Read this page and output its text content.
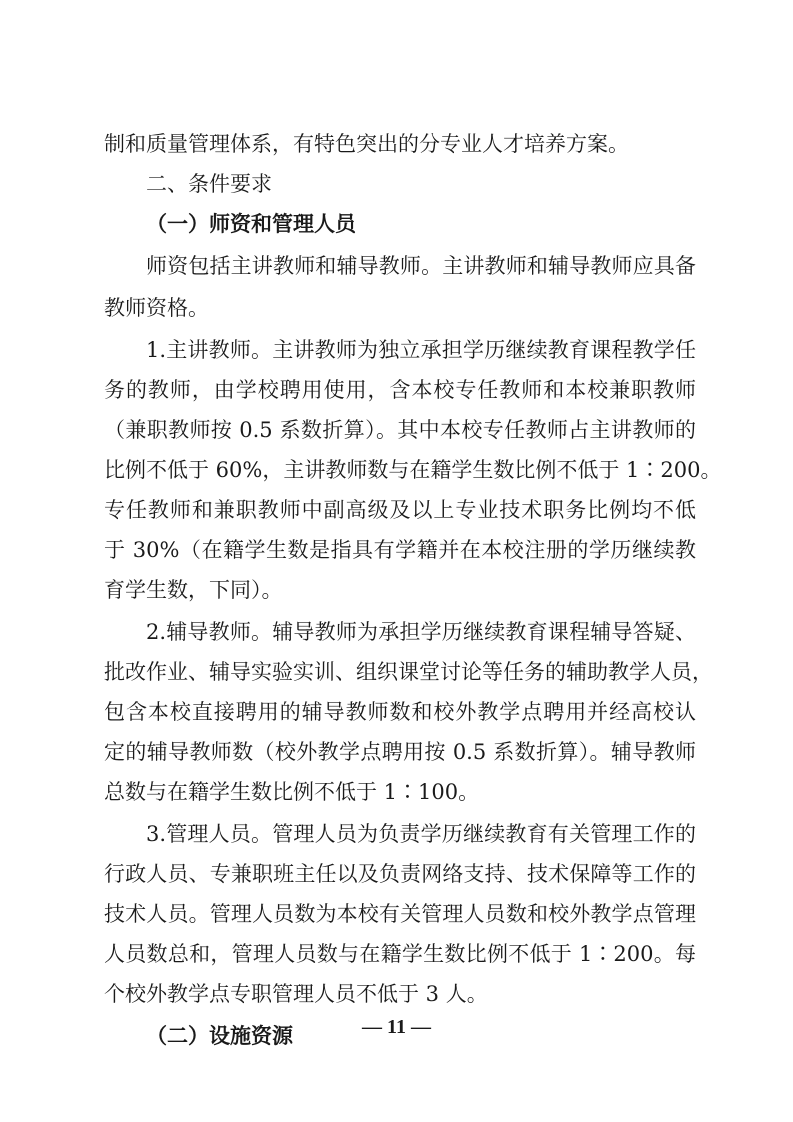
制和质量管理体系，有特色突出的分专业人才培养方案。
二、条件要求
（一）师资和管理人员
师资包括主讲教师和辅导教师。主讲教师和辅导教师应具备
教师资格。
1.主讲教师。主讲教师为独立承担学历继续教育课程教学任
务的教师，由学校聘用使用，含本校专任教师和本校兼职教师
（兼职教师按 0.5 系数折算）。其中本校专任教师占主讲教师的
比例不低于 60%，主讲教师数与在籍学生数比例不低于 1∶200。
专任教师和兼职教师中副高级及以上专业技术职务比例均不低
于 30%（在籍学生数是指具有学籍并在本校注册的学历继续教
育学生数，下同）。
2.辅导教师。辅导教师为承担学历继续教育课程辅导答疑、
批改作业、辅导实验实训、组织课堂讨论等任务的辅助教学人员，
包含本校直接聘用的辅导教师数和校外教学点聘用并经高校认
定的辅导教师数（校外教学点聘用按 0.5 系数折算）。辅导教师
总数与在籍学生数比例不低于 1∶100。
3.管理人员。管理人员为负责学历继续教育有关管理工作的
行政人员、专兼职班主任以及负责网络支持、技术保障等工作的
技术人员。管理人员数为本校有关管理人员数和校外教学点管理
人员数总和，管理人员数与在籍学生数比例不低于 1∶200。每
个校外教学点专职管理人员不低于 3 人。
（二）设施资源	— 11 —
